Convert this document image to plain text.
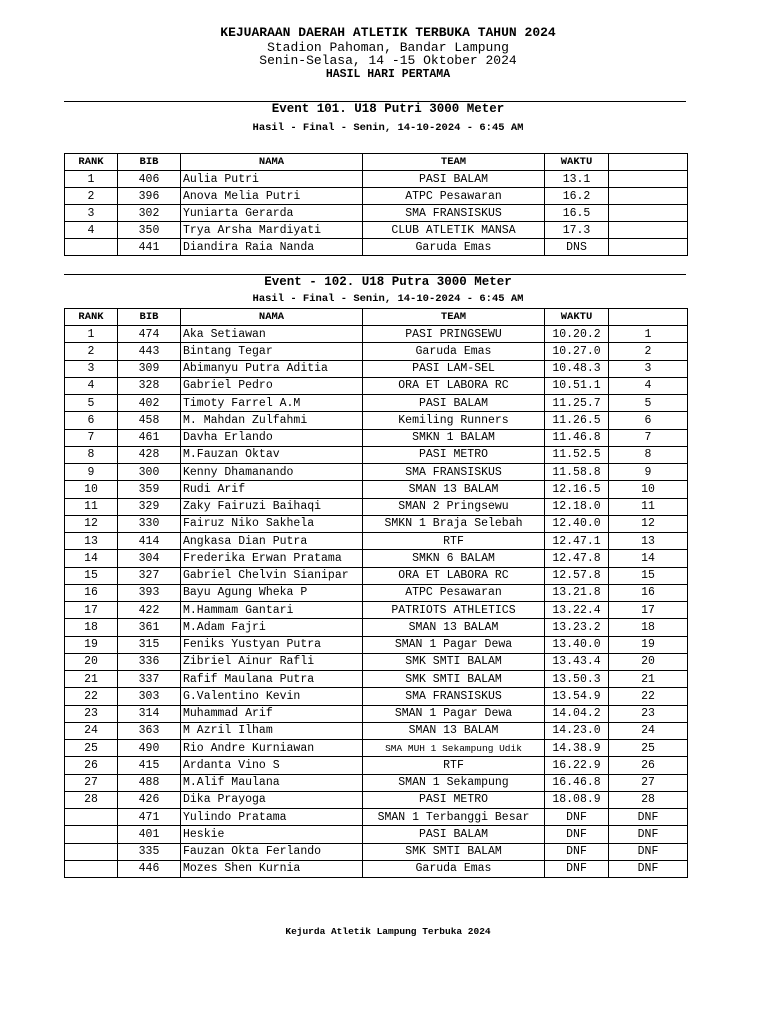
KEJUARAAN DAERAH ATLETIK TERBUKA TAHUN 2024
Stadion Pahoman, Bandar Lampung
Senin-Selasa, 14 -15 Oktober 2024
HASIL HARI PERTAMA
Event 101. U18 Putri 3000 Meter
Hasil - Final - Senin, 14-10-2024 - 6:45 AM
RANK	BIB	NAMA	TEAM	WAKTU	
1	406	Aulia Putri	PASI BALAM	13.1	
2	396	Anova Melia Putri	ATPC Pesawaran	16.2	
3	302	Yuniarta Gerarda	SMA FRANSISKUS	16.5	
4	350	Trya Arsha Mardiyati	CLUB ATLETIK MANSA	17.3	
	441	Diandira Raia Nanda	Garuda Emas	DNS	
Event - 102. U18 Putra 3000 Meter
Hasil - Final - Senin, 14-10-2024 - 6:45 AM
RANK	BIB	NAMA	TEAM	WAKTU	
1	474	Aka Setiawan	PASI PRINGSEWU	10.20.2	1
2	443	Bintang Tegar	Garuda Emas	10.27.0	2
3	309	Abimanyu Putra Aditia	PASI LAM-SEL	10.48.3	3
4	328	Gabriel Pedro	ORA ET LABORA RC	10.51.1	4
5	402	Timoty Farrel A.M	PASI BALAM	11.25.7	5
6	458	M. Mahdan Zulfahmi	Kemiling Runners	11.26.5	6
7	461	Davha Erlando	SMKN 1 BALAM	11.46.8	7
8	428	M.Fauzan Oktav	PASI METRO	11.52.5	8
9	300	Kenny Dhamanando	SMA FRANSISKUS	11.58.8	9
10	359	Rudi Arif	SMAN 13 BALAM	12.16.5	10
11	329	Zaky Fairuzi Baihaqi	SMAN 2 Pringsewu	12.18.0	11
12	330	Fairuz Niko Sakhela	SMKN 1 Braja Selebah	12.40.0	12
13	414	Angkasa Dian Putra	RTF	12.47.1	13
14	304	Frederika Erwan Pratama	SMKN 6 BALAM	12.47.8	14
15	327	Gabriel Chelvin Sianipar	ORA ET LABORA RC	12.57.8	15
16	393	Bayu Agung Wheka P	ATPC Pesawaran	13.21.8	16
17	422	M.Hammam Gantari	PATRIOTS ATHLETICS	13.22.4	17
18	361	M.Adam Fajri	SMAN 13 BALAM	13.23.2	18
19	315	Feniks Yustyan Putra	SMAN 1 Pagar Dewa	13.40.0	19
20	336	Zibriel Ainur Rafli	SMK SMTI BALAM	13.43.4	20
21	337	Rafif Maulana Putra	SMK SMTI BALAM	13.50.3	21
22	303	G.Valentino Kevin	SMA FRANSISKUS	13.54.9	22
23	314	Muhammad Arif	SMAN 1 Pagar Dewa	14.04.2	23
24	363	M Azril Ilham	SMAN 13 BALAM	14.23.0	24
25	490	Rio Andre Kurniawan	SMA MUH 1 Sekampung Udik	14.38.9	25
26	415	Ardanta Vino S	RTF	16.22.9	26
27	488	M.Alif Maulana	SMAN 1 Sekampung	16.46.8	27
28	426	Dika Prayoga	PASI METRO	18.08.9	28
	471	Yulindo Pratama	SMAN 1 Terbanggi Besar	DNF	DNF
	401	Heskie	PASI BALAM	DNF	DNF
	335	Fauzan Okta Ferlando	SMK SMTI BALAM	DNF	DNF
	446	Mozes Shen Kurnia	Garuda Emas	DNF	DNF
Kejurda Atletik Lampung Terbuka 2024
